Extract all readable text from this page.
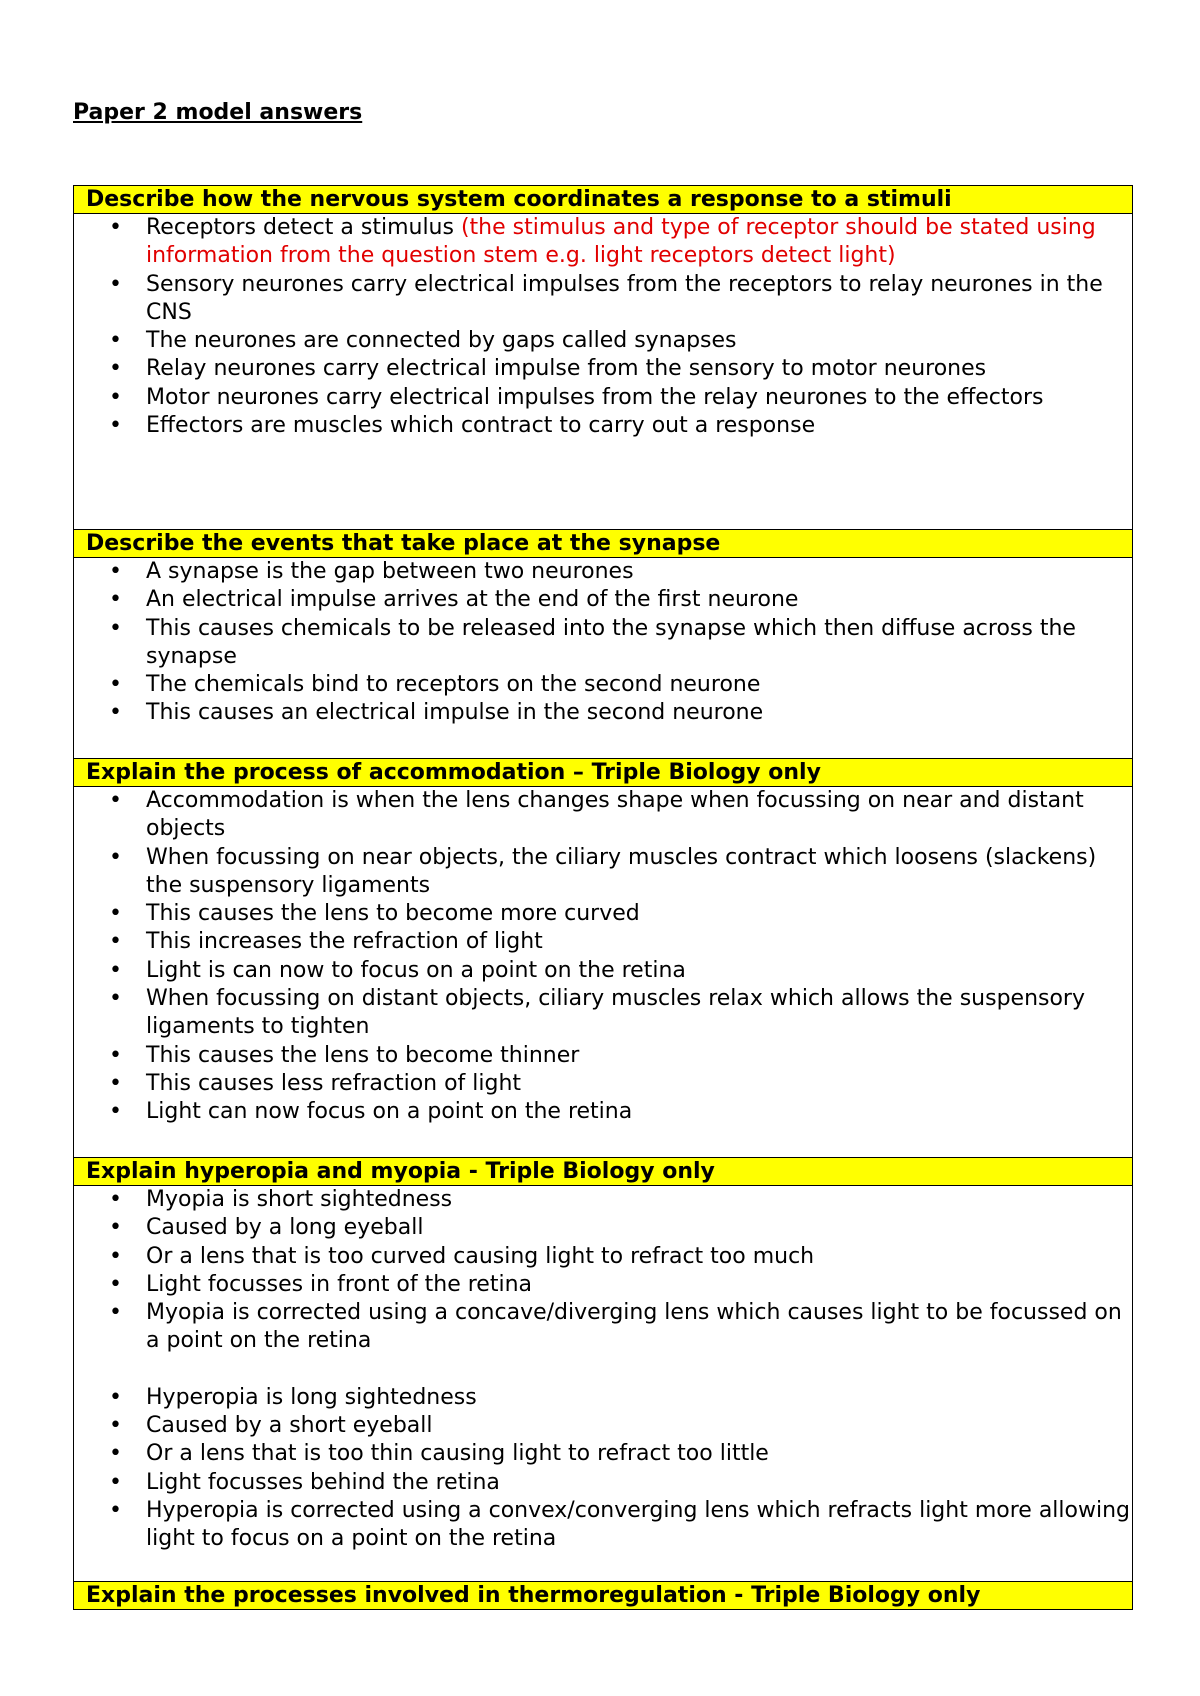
Paper 2 model answers
Describe how the nervous system coordinates a response to a stimuli

• Receptors detect a stimulus (the stimulus and type of receptor should be stated using information from the question stem e.g. light receptors detect light)
• Sensory neurones carry electrical impulses from the receptors to relay neurones in the CNS
• The neurones are connected by gaps called synapses
• Relay neurones carry electrical impulse from the sensory to motor neurones
• Motor neurones carry electrical impulses from the relay neurones to the effectors
• Effectors are muscles which contract to carry out a response

Describe the events that take place at the synapse

• A synapse is the gap between two neurones
• An electrical impulse arrives at the end of the first neurone
• This causes chemicals to be released into the synapse which then diffuse across the synapse
• The chemicals bind to receptors on the second neurone
• This causes an electrical impulse in the second neurone

Explain the process of accommodation – Triple Biology only

• Accommodation is when the lens changes shape when focussing on near and distant objects
• When focussing on near objects, the ciliary muscles contract which loosens (slackens) the suspensory ligaments
• This causes the lens to become more curved
• This increases the refraction of light
• Light is can now to focus on a point on the retina
• When focussing on distant objects, ciliary muscles relax which allows the suspensory ligaments to tighten
• This causes the lens to become thinner
• This causes less refraction of light
• Light can now focus on a point on the retina

Explain hyperopia and myopia - Triple Biology only

• Myopia is short sightedness
• Caused by a long eyeball
• Or a lens that is too curved causing light to refract too much
• Light focusses in front of the retina
• Myopia is corrected using a concave/diverging lens which causes light to be focussed on a point on the retina
• Hyperopia is long sightedness
• Caused by a short eyeball
• Or a lens that is too thin causing light to refract too little
• Light focusses behind the retina
• Hyperopia is corrected using a convex/converging lens which refracts light more allowing light to focus on a point on the retina

Explain the processes involved in thermoregulation - Triple Biology only
